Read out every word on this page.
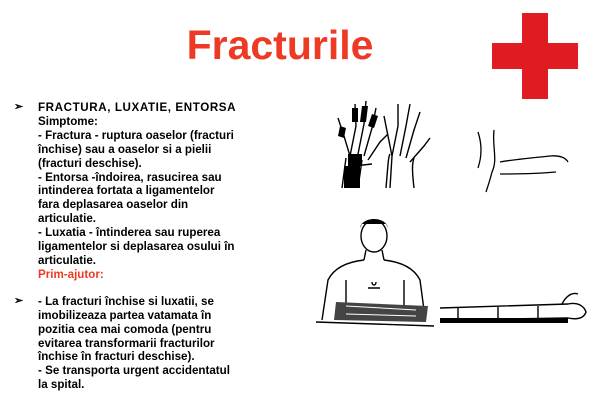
Fracturile
➢ FRACTURA, LUXATIE, ENTORSA
Simptome:
- Fractura - ruptura oaselor (fracturi
închise) sau a oaselor si a pielii
(fracturi deschise).
- Entorsa -îndoirea, rasucirea sau
intinderea fortata a ligamentelor
fara deplasarea oaselor din
articulatie.
- Luxatia - întinderea sau ruperea
ligamentelor si deplasarea osului în
articulatie.
Prim-ajutor:
➢ - La fracturi închise si luxatii, se
imobilizeaza partea vatamata în
pozitia cea mai comoda (pentru
evitarea transformarii fracturilor
închise în fracturi deschise).
- Se transporta urgent accidentatul
la spital.
